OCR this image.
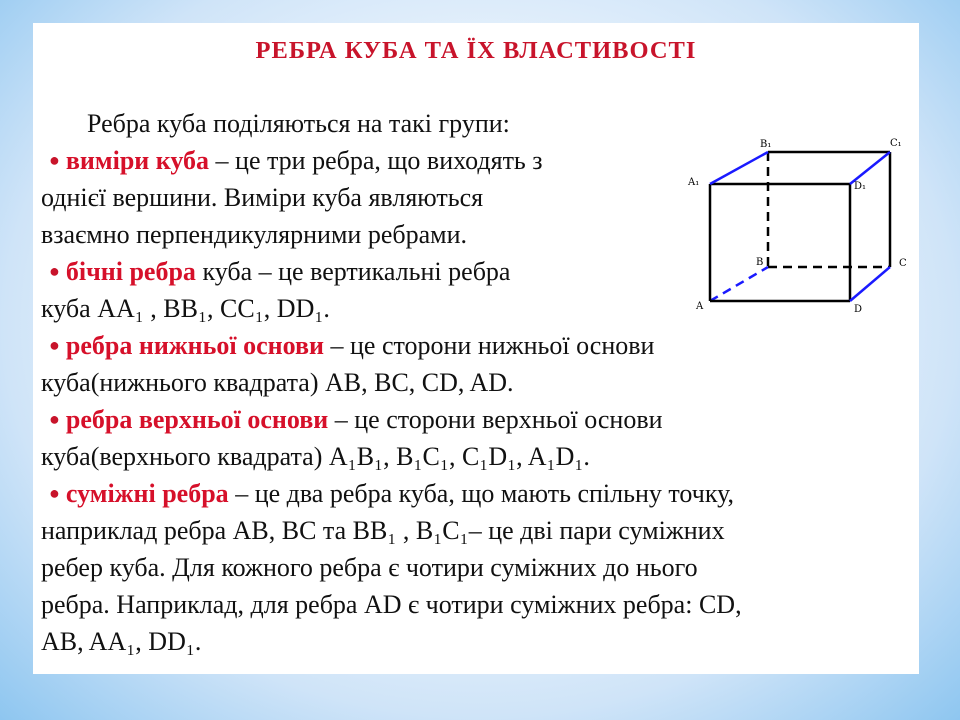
РЕБРА КУБА ТА ЇХ ВЛАСТИВОСТІ
Ребра куба поділяються на такі групи:
● виміри куба – це три ребра, що виходять з
однієї вершини. Виміри куба являються
взаємно перпендикулярними ребрами.
● бічні ребра куба – це вертикальні ребра
куба AA₁ , BB₁, CC₁, DD₁.
● ребра нижньої основи – це сторони нижньої основи
куба(нижнього квадрата) AB, BC, CD, AD.
● ребра верхньої основи – це сторони верхньої основи
куба(верхнього квадрата) A₁B₁, B₁C₁, C₁D₁, A₁D₁.
● суміжні ребра – це два ребра куба, що мають спільну точку,
наприклад ребра AB, BC та BB₁ , B₁C₁– це дві пари суміжних
ребер куба. Для кожного ребра є чотири суміжних до нього
ребра. Наприклад, для ребра AD є чотири суміжних ребра: CD,
AB, AA₁, DD₁.
B₁	C₁
A₁	D₁
B	C
A	D
